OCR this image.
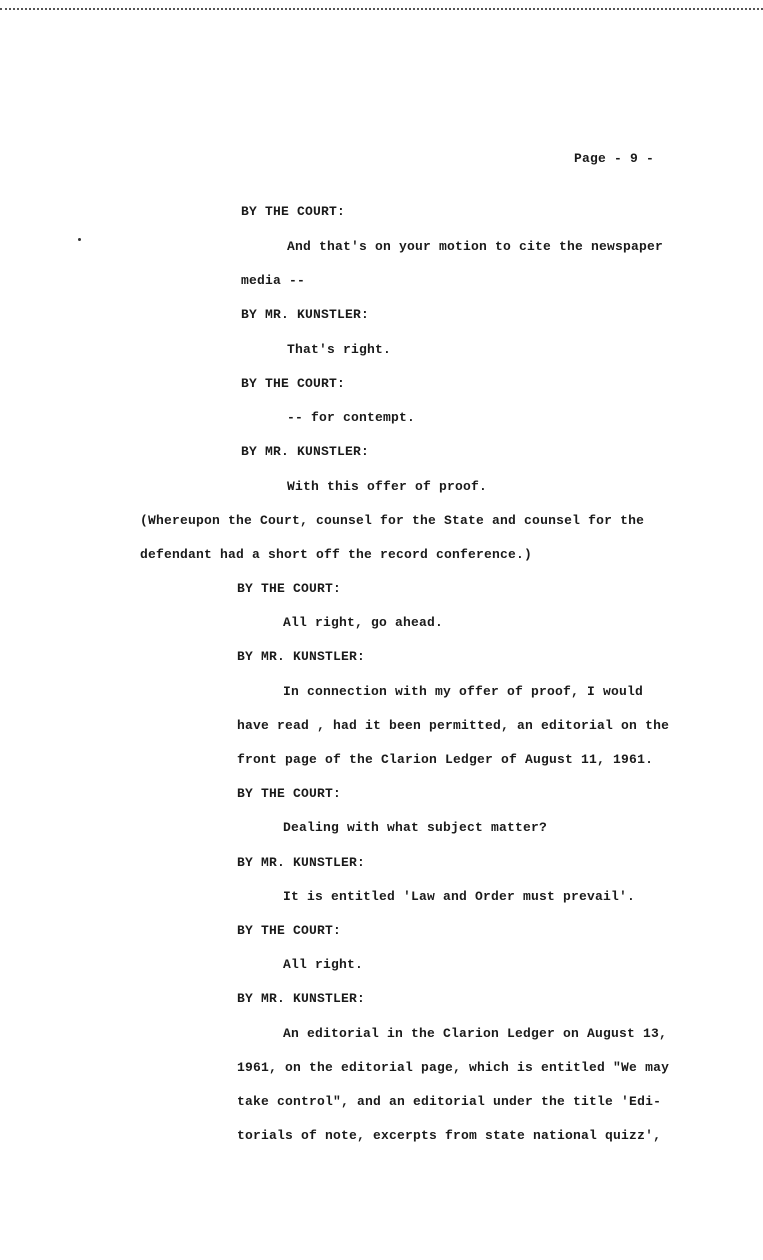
Page - 9 -
BY THE COURT:
And that's on your motion to cite the newspaper
media --
BY MR. KUNSTLER:
That's right.
BY THE COURT:
-- for contempt.
BY MR. KUNSTLER:
With this offer of proof.
(Whereupon the Court, counsel for the State and counsel for the
defendant had a short off the record conference.)
BY THE COURT:
All right, go ahead.
BY MR. KUNSTLER:
In connection with my offer of proof, I would
have read , had it been permitted, an editorial on the
front page of the Clarion Ledger of August 11, 1961.
BY THE COURT:
Dealing with what subject matter?
BY MR. KUNSTLER:
It is entitled 'Law and Order must prevail'.
BY THE COURT:
All right.
BY MR. KUNSTLER:
An editorial in the Clarion Ledger on August 13,
1961, on the editorial page, which is entitled "We may
take control", and an editorial under the title 'Edi-
torials of note, excerpts from state national quizz',
